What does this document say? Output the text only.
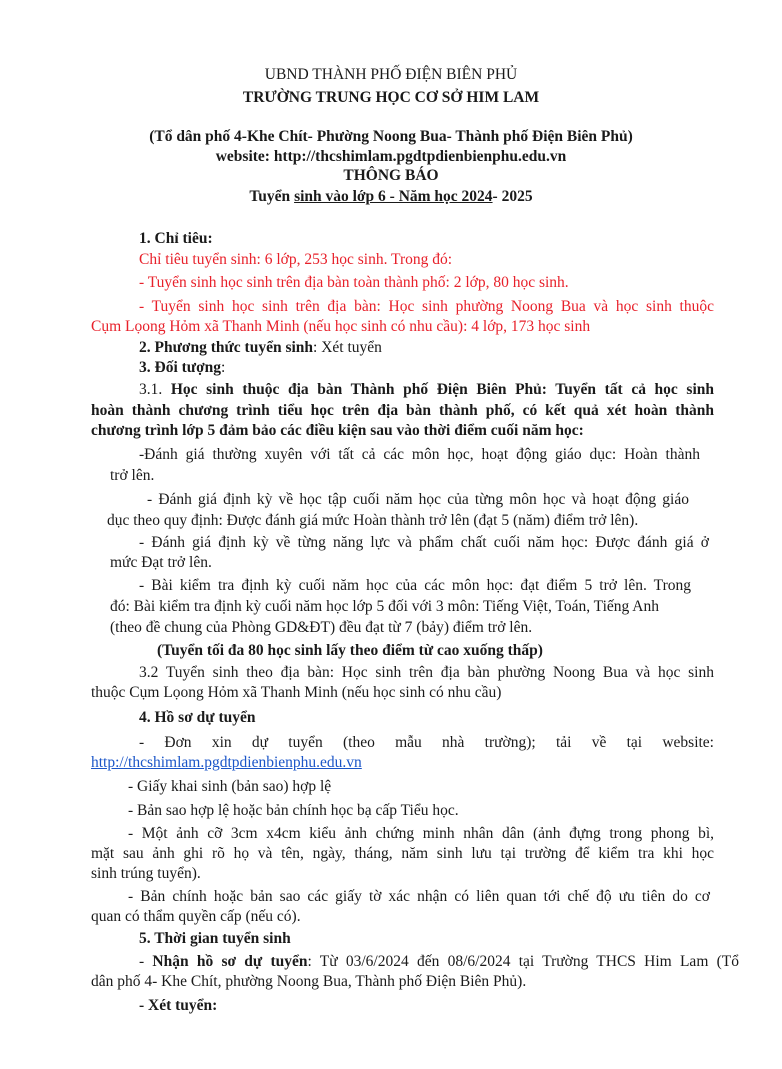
UBND THÀNH PHỐ ĐIỆN BIÊN PHỦ
TRƯỜNG TRUNG HỌC CƠ SỞ HIM LAM
(Tổ dân phố 4-Khe Chít- Phường Noong Bua- Thành phố Điện Biên Phủ)
website: http://thcshimlam.pgdtpdienbienphu.edu.vn
THÔNG BÁO
Tuyển sinh vào lớp 6 - Năm học 2024- 2025
1. Chỉ tiêu:
Chỉ tiêu tuyển sinh: 6 lớp, 253 học sinh. Trong đó:
- Tuyển sinh học sinh trên địa bàn toàn thành phố: 2 lớp, 80 học sinh.
- Tuyển sinh học sinh trên địa bàn: Học sinh phường Noong Bua và học sinh thuộc
Cụm Lọong Hỏm xã Thanh Minh (nếu học sinh có nhu cầu): 4 lớp, 173 học sinh
2. Phương thức tuyển sinh: Xét tuyển
3. Đối tượng:
3.1. Học sinh thuộc địa bàn Thành phố Điện Biên Phủ: Tuyển tất cả học sinh
hoàn thành chương trình tiểu học trên địa bàn thành phố, có kết quả xét hoàn thành
chương trình lớp 5 đảm bảo các điều kiện sau vào thời điểm cuối năm học:
-Đánh giá thường xuyên với tất cả các môn học, hoạt động giáo dục: Hoàn thành
trở lên.
- Đánh giá định kỳ về học tập cuối năm học của từng môn học và hoạt động giáo
dục theo quy định: Được đánh giá mức Hoàn thành trở lên (đạt 5 (năm) điểm trở lên).
- Đánh giá định kỳ về từng năng lực và phẩm chất cuối năm học: Được đánh giá ở
mức Đạt trở lên.
- Bài kiểm tra định kỳ cuối năm học của các môn học: đạt điểm 5 trở lên. Trong
đó: Bài kiểm tra định kỳ cuối năm học lớp 5 đối với 3 môn: Tiếng Việt, Toán, Tiếng Anh
(theo đề chung của Phòng GD&ĐT) đều đạt từ 7 (bảy) điểm trở lên.
(Tuyển tối đa 80 học sinh lấy theo điểm từ cao xuống thấp)
3.2 Tuyển sinh theo địa bàn: Học sinh trên địa bàn phường Noong Bua và học sinh
thuộc Cụm Lọong Hỏm xã Thanh Minh (nếu học sinh có nhu cầu)
4. Hồ sơ dự tuyển
- Đơn xin dự tuyển (theo mẫu nhà trường); tải về tại website:
http://thcshimlam.pgdtpdienbienphu.edu.vn
- Giấy khai sinh (bản sao) hợp lệ
- Bản sao hợp lệ hoặc bản chính học bạ cấp Tiểu học.
- Một ảnh cỡ 3cm x4cm kiểu ảnh chứng minh nhân dân (ảnh đựng trong phong bì,
mặt sau ảnh ghi rõ họ và tên, ngày, tháng, năm sinh lưu tại trường để kiểm tra khi học
sinh trúng tuyển).
- Bản chính hoặc bản sao các giấy tờ xác nhận có liên quan tới chế độ ưu tiên do cơ
quan có thẩm quyền cấp (nếu có).
5. Thời gian tuyển sinh
- Nhận hồ sơ dự tuyển: Từ 03/6/2024 đến 08/6/2024 tại Trường THCS Him Lam (Tổ
dân phố 4- Khe Chít, phường Noong Bua, Thành phố Điện Biên Phủ).
- Xét tuyển:
